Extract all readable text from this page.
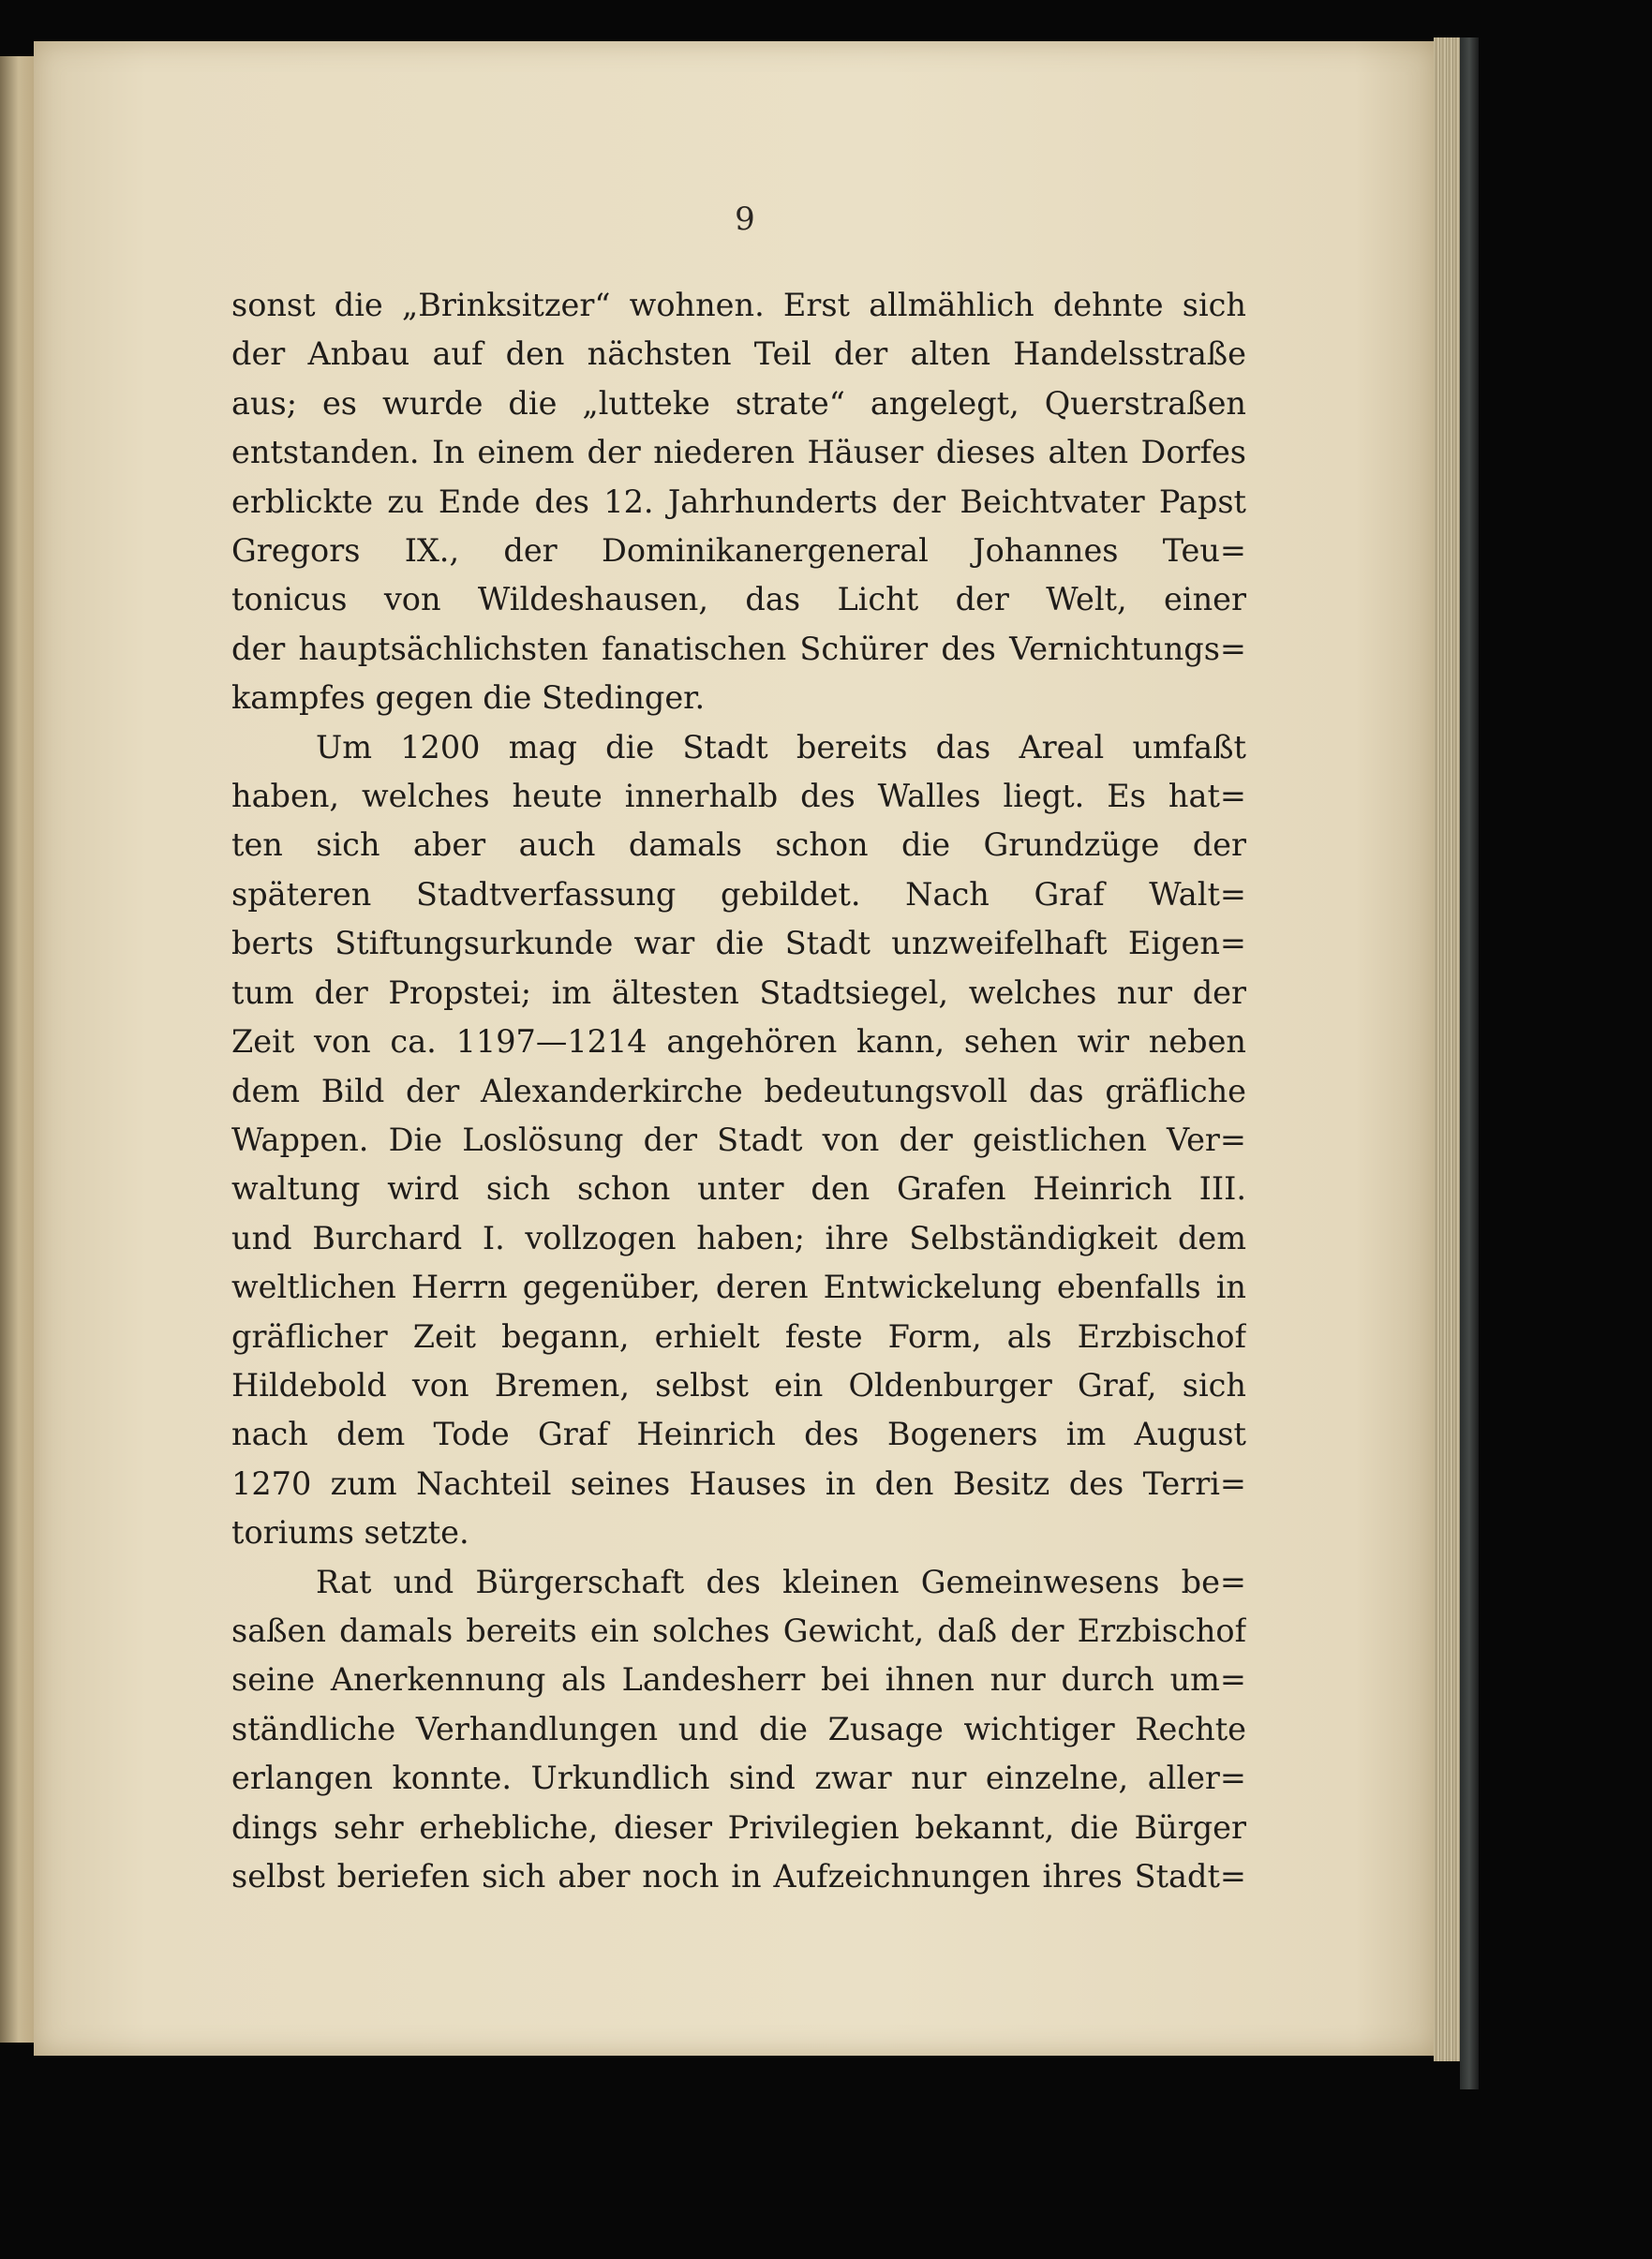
9
sonst die „Brinksitzer“ wohnen. Erst allmählich dehnte sich
der Anbau auf den nächsten Teil der alten Handelsstraße
aus; es wurde die „lutteke strate“ angelegt, Querstraßen
entstanden. In einem der niederen Häuser dieses alten Dorfes
erblickte zu Ende des 12. Jahrhunderts der Beichtvater Papst
Gregors IX., der Dominikanergeneral Johannes Teu=
tonicus von Wildeshausen, das Licht der Welt, einer
der hauptsächlichsten fanatischen Schürer des Vernichtungs=
kampfes gegen die Stedinger.
Um 1200 mag die Stadt bereits das Areal umfaßt
haben, welches heute innerhalb des Walles liegt. Es hat=
ten sich aber auch damals schon die Grundzüge der
späteren Stadtverfassung gebildet. Nach Graf Walt=
berts Stiftungsurkunde war die Stadt unzweifelhaft Eigen=
tum der Propstei; im ältesten Stadtsiegel, welches nur der
Zeit von ca. 1197—1214 angehören kann, sehen wir neben
dem Bild der Alexanderkirche bedeutungsvoll das gräfliche
Wappen. Die Loslösung der Stadt von der geistlichen Ver=
waltung wird sich schon unter den Grafen Heinrich III.
und Burchard I. vollzogen haben; ihre Selbständigkeit dem
weltlichen Herrn gegenüber, deren Entwickelung ebenfalls in
gräflicher Zeit begann, erhielt feste Form, als Erzbischof
Hildebold von Bremen, selbst ein Oldenburger Graf, sich
nach dem Tode Graf Heinrich des Bogeners im August
1270 zum Nachteil seines Hauses in den Besitz des Terri=
toriums setzte.
Rat und Bürgerschaft des kleinen Gemeinwesens be=
saßen damals bereits ein solches Gewicht, daß der Erzbischof
seine Anerkennung als Landesherr bei ihnen nur durch um=
ständliche Verhandlungen und die Zusage wichtiger Rechte
erlangen konnte. Urkundlich sind zwar nur einzelne, aller=
dings sehr erhebliche, dieser Privilegien bekannt, die Bürger
selbst beriefen sich aber noch in Aufzeichnungen ihres Stadt=
